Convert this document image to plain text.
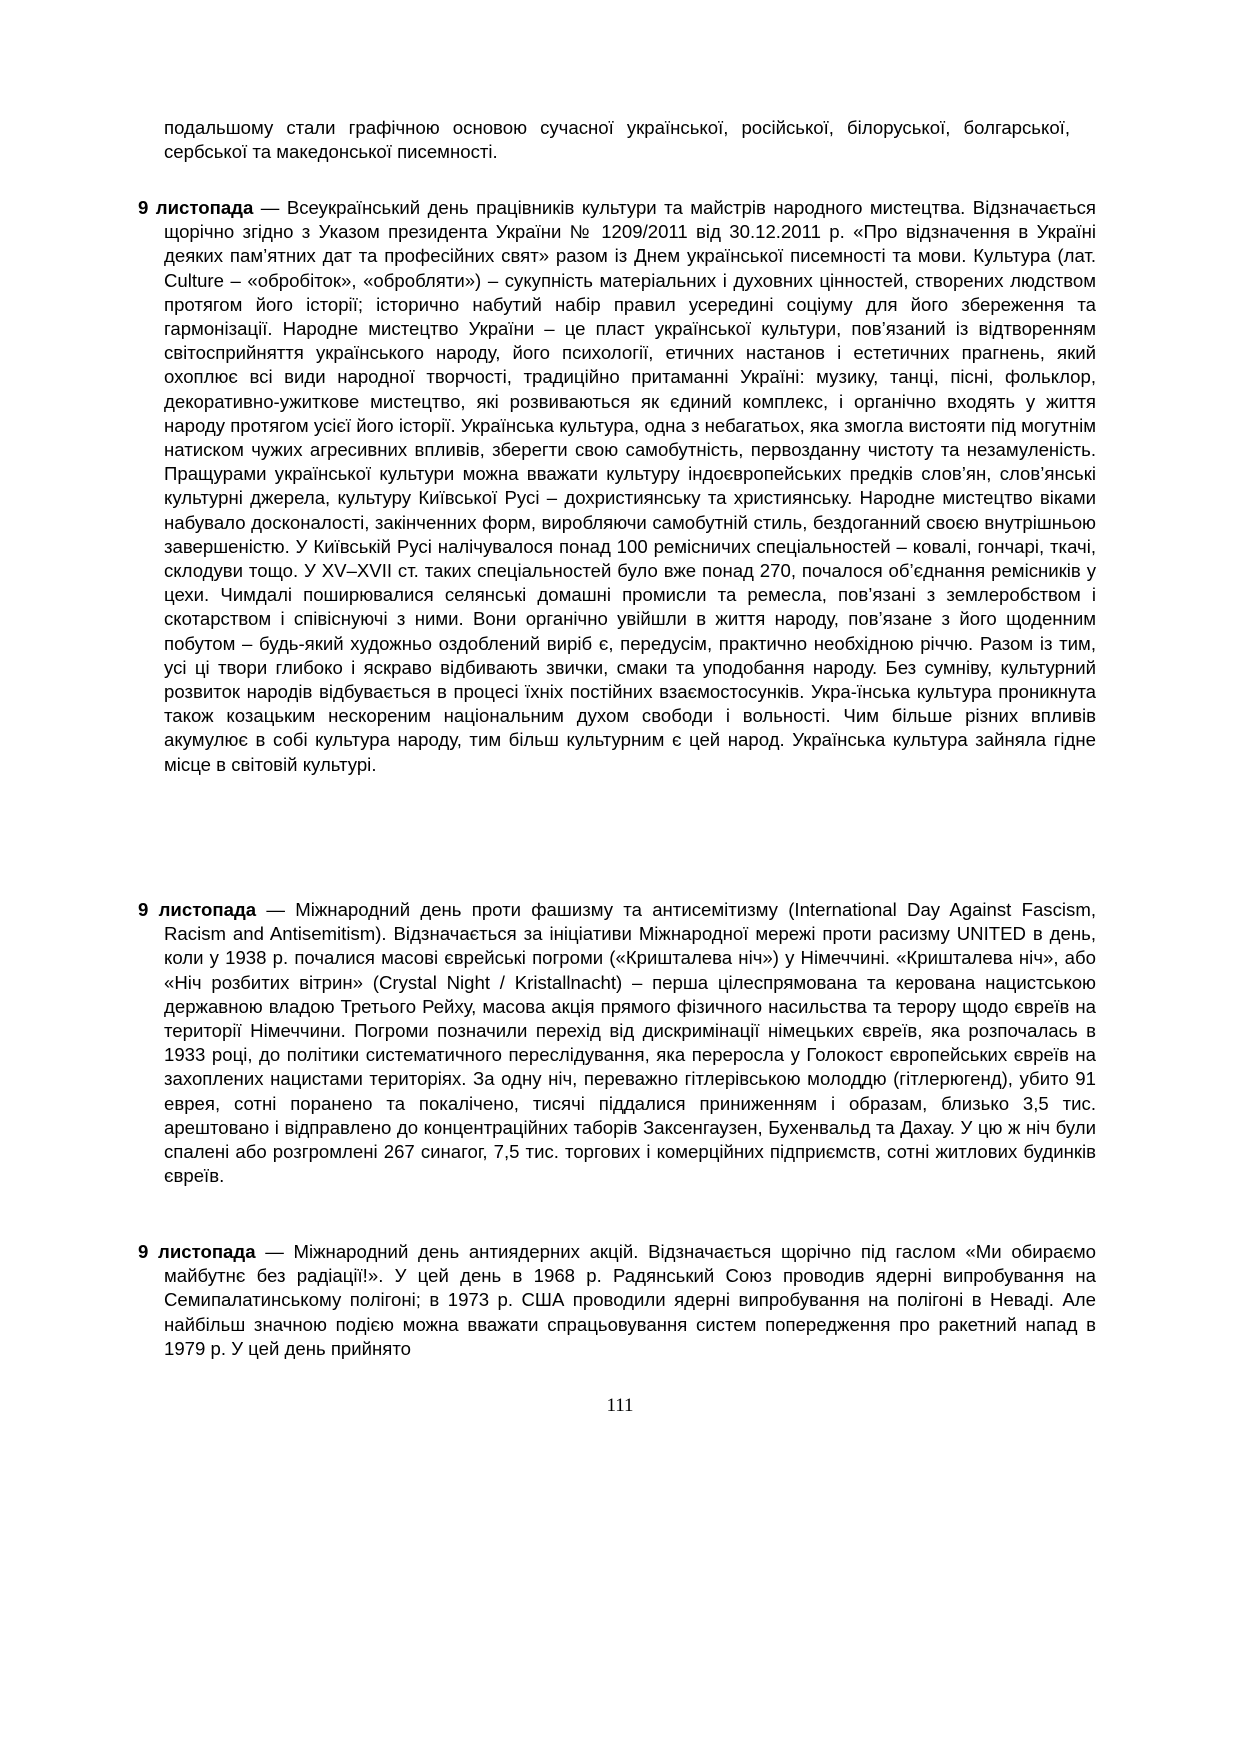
подальшому стали графічною основою сучасної української, російської, білоруської, болгарської, сербської та македонської писемності.

9 листопада — Всеукраїнський день працівників культури та майстрів народного мистецтва. Відзначається щорічно згідно з Указом президента України № 1209/2011 від 30.12.2011 р. «Про відзначення в Україні деяких пам’ятних дат та професійних свят» разом із Днем української писемності та мови. Культура (лат. Culture – «обробіток», «обробляти») – сукупність матеріальних і духовних цінностей, створених людством протягом його історії; історично набутий набір правил усередині соціуму для його збереження та гармонізації. Народне мистецтво України – це пласт української культури, пов’язаний із відтворенням світосприйняття українського народу, його психології, етичних настанов і естетичних прагнень, який охоплює всі види народної творчості, традиційно притаманні Україні: музику, танці, пісні, фольклор, декоративно-ужиткове мистецтво, які розвиваються як єдиний комплекс, і органічно входять у життя народу протягом усієї його історії. Українська культура, одна з небагатьох, яка змогла вистояти під могутнім натиском чужих агресивних впливів, зберегти свою самобутність, первозданну чистоту та незамуленість. Пращурами української культури можна вважати культуру індоєвропейських предків слов’ян, слов’янські культурні джерела, культуру Київської Русі – дохристиянську та християнську. Народне мистецтво віками набувало досконалості, закінченних форм, виробляючи самобутній стиль, бездоганний своєю внутрішньою завершеністю. У Київській Русі налічувалося понад 100 ремісничих спеціальностей – ковалі, гончарі, ткачі, склодуви тощо. У XV–XVII ст. таких спеціальностей було вже понад 270, почалося об’єднання ремісників у цехи. Чимдалі поширювалися селянські домашні промисли та ремесла, пов’язані з землеробством і скотарством і співіснуючі з ними. Вони органічно увійшли в життя народу, пов’язане з його щоденним побутом – будь-який художньо оздоблений виріб є, передусім, практично необхідною річчю. Разом із тим, усі ці твори глибоко і яскраво відбивають звички, смаки та уподобання народу. Без сумніву, культурний розвиток народів відбувається в процесі їхніх постійних взаємостосунків. Укра-їнська культура проникнута також козацьким нескореним національним духом свободи і вольності. Чим більше різних впливів акумулює в собі культура народу, тим більш культурним є цей народ. Українська культура зайняла гідне місце в світовій культурі.

9 листопада — Міжнародний день проти фашизму та антисемітизму (International Day Against Fascism, Racism and Antisemitism). Відзначається за ініціативи Міжнародної мережі проти расизму UNITED в день, коли у 1938 р. почалися масові єврейські погроми («Кришталева ніч») у Німеччині. «Кришталева ніч», або «Ніч розбитих вітрин» (Crystal Night / Kristallnacht) – перша цілеспрямована та керована нацистською державною владою Третього Рейху, масова акція прямого фізичного насильства та терору щодо євреїв на території Німеччини. Погроми позначили перехід від дискримінації німецьких євреїв, яка розпочалась в 1933 році, до політики систематичного переслідування, яка переросла у Голокост європейських євреїв на захоплених нацистами територіях. За одну ніч, переважно гітлерівською молоддю (гітлерюгенд), убито 91 еврея, сотні поранено та покалічено, тисячі піддалися приниженням і образам, близько 3,5 тис. арештовано і відправлено до концентраційних таборів Заксенгаузен, Бухенвальд та Дахау. У цю ж ніч були спалені або розгромлені 267 синагог, 7,5 тис. торгових і комерційних підприємств, сотні житлових будинків євреїв.

9 листопада — Міжнародний день антиядерних акцій. Відзначається щорічно під гаслом «Ми обираємо майбутнє без радіації!». У цей день в 1968 р. Радянський Союз проводив ядерні випробування на Семипалатинському полігоні; в 1973 р. США проводили ядерні випробування на полігоні в Неваді. Але найбільш значною подією можна вважати спрацьовування систем попередження про ракетний напад в 1979 р. У цей день прийнято

111
